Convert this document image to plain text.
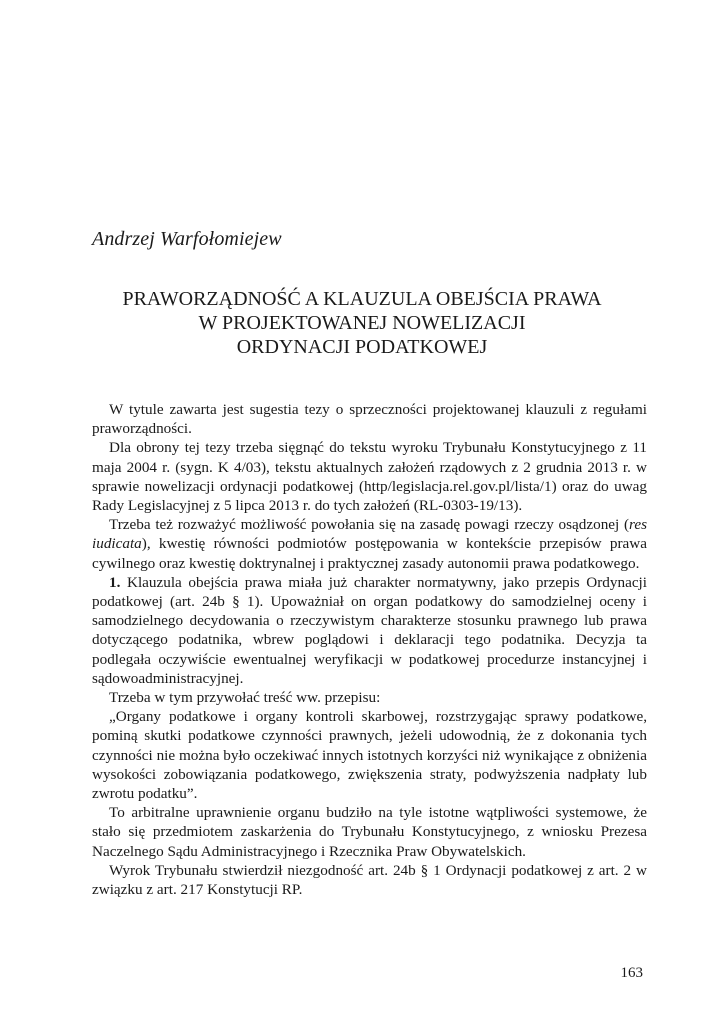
Andrzej Warfołomiejew
PRAWORZĄDNOŚĆ A KLAUZULA OBEJŚCIA PRAWA
W PROJEKTOWANEJ NOWELIZACJI
ORDYNACJI PODATKOWEJ

W tytule zawarta jest sugestia tezy o sprzeczności projektowanej klauzuli z regułami praworządności.

Dla obrony tej tezy trzeba sięgnąć do tekstu wyroku Trybunału Konstytucyjnego z 11 maja 2004 r. (sygn. K 4/03), tekstu aktualnych założeń rządowych z 2 grudnia 2013 r. w sprawie nowelizacji ordynacji podatkowej (http/legislacja.rel.gov.pl/lista/1) oraz do uwag Rady Legislacyjnej z 5 lipca 2013 r. do tych założeń (RL-0303-19/13).

Trzeba też rozważyć możliwość powołania się na zasadę powagi rzeczy osądzonej (res iudicata), kwestię równości podmiotów postępowania w kontekście przepisów prawa cywilnego oraz kwestię doktrynalnej i praktycznej zasady autonomii prawa podatkowego.

1. Klauzula obejścia prawa miała już charakter normatywny, jako przepis Ordynacji podatkowej (art. 24b § 1). Upoważniał on organ podatkowy do samodzielnej oceny i samodzielnego decydowania o rzeczywistym charakterze stosunku prawnego lub prawa dotyczącego podatnika, wbrew poglądowi i deklaracji tego podatnika. Decyzja ta podlegała oczywiście ewentualnej weryfikacji w podatkowej procedurze instancyjnej i sądowoadministracyjnej.

Trzeba w tym przywołać treść ww. przepisu:

„Organy podatkowe i organy kontroli skarbowej, rozstrzygając sprawy podatkowe, pominą skutki podatkowe czynności prawnych, jeżeli udowodnią, że z dokonania tych czynności nie można było oczekiwać innych istotnych korzyści niż wynikające z obniżenia wysokości zobowiązania podatkowego, zwiększenia straty, podwyższenia nadpłaty lub zwrotu podatku”.

To arbitralne uprawnienie organu budziło na tyle istotne wątpliwości systemowe, że stało się przedmiotem zaskarżenia do Trybunału Konstytucyjnego, z wniosku Prezesa Naczelnego Sądu Administracyjnego i Rzecznika Praw Obywatelskich.

Wyrok Trybunału stwierdził niezgodność art. 24b § 1 Ordynacji podatkowej z art. 2 w związku z art. 217 Konstytucji RP.

163
